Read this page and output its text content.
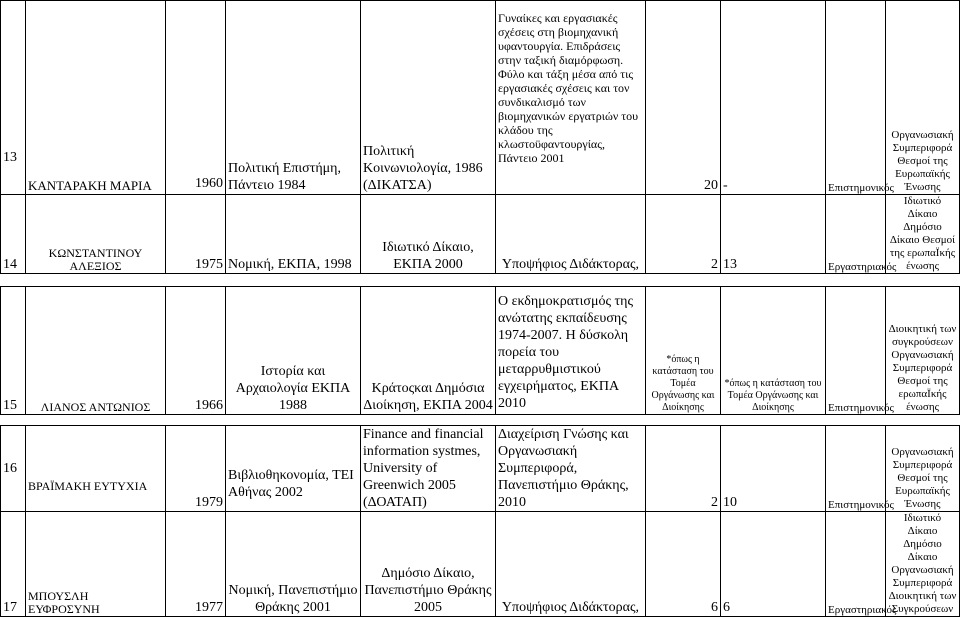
13	ΚΑΝΤΑΡΑΚΗ ΜΑΡΙΑ	1960	Πολιτική Επιστήμη, Πάντειο 1984	Πολιτική Κοινωνιολογία, 1986 (ΔΙΚΑΤΣΑ)	Γυναίκες και εργασιακές σχέσεις στη βιομηχανική υφαντουργία. Επιδράσεις στην ταξική διαμόρφωση. Φύλο και τάξη μέσα από τις εργασιακές σχέσεις και τον συνδικαλισμό των βιομηχανικών εργατριών του κλάδου της κλωστοϋφαντουργίας, Πάντειο 2001	20	-	Επιστημονικός	Οργανωσιακή Συμπεριφορά Θεσμοί της Ευρωπαϊκής Ένωσης
14	ΚΩΝΣΤΑΝΤΙΝΟΥ ΑΛΕΞΙΟΣ	1975	Νομική, ΕΚΠΑ, 1998	Ιδιωτικό Δίκαιο, ΕΚΠΑ 2000	Υποψήφιος Διδάκτορας,	2	13	Εργαστηριακός	Ιδιωτικό Δίκαιο Δημόσιο Δίκαιο Θεσμοί της ερωπαΪκής ένωσης

15	ΛΙΑΝΟΣ ΑΝΤΩΝΙΟΣ	1966	Ιστορία και Αρχαιολογία ΕΚΠΑ 1988	Κράτοςκαι Δημόσια Διοίκηση, ΕΚΠΑ 2004	Ο εκδημοκρατισμός της ανώτατης εκπαίδευσης 1974-2007. Η δύσκολη πορεία του μεταρρυθμιστικού εγχειρήματος, ΕΚΠΑ 2010	*όπως η κατάσταση του Τομέα Οργάνωσης και Διοίκησης	*όπως η κατάσταση του Τομέα Οργάνωσης και Διοίκησης	Επιστημονικός	Διοικητική των συγκρούσεων Οργανωσιακή Συμπεριφορά Θεσμοί της ερωπαΪκής ένωσης

16	ΒΡΑΪΜΑΚΗ ΕΥΤΥΧΙΑ	1979	Βιβλιοθηκονομία, ΤΕΙ Αθήνας 2002	Finance and financial information systmes, University of Greenwich 2005 (ΔΟΑΤΑΠ)	Διαχείριση Γνώσης και Οργανωσιακή Συμπεριφορά, Πανεπιστήμιο Θράκης, 2010	2	10	Επιστημονικός	Οργανωσιακή Συμπεριφορά Θεσμοί της Ευρωπαϊκής Ένωσης
17	ΜΠΟΥΣΛΗ ΕΥΦΡΟΣΥΝΗ	1977	Νομική, Πανεπιστήμιο Θράκης 2001	Δημόσιο Δίκαιο, Πανεπιστήμιο Θράκης 2005	Υποψήφιος Διδάκτορας,	6	6	Εργαστηριακός	Ιδιωτικό Δίκαιο Δημόσιο Δίκαιο Οργανωσιακή Συμπεριφορά Διοικητική των Συγκρούσεων
